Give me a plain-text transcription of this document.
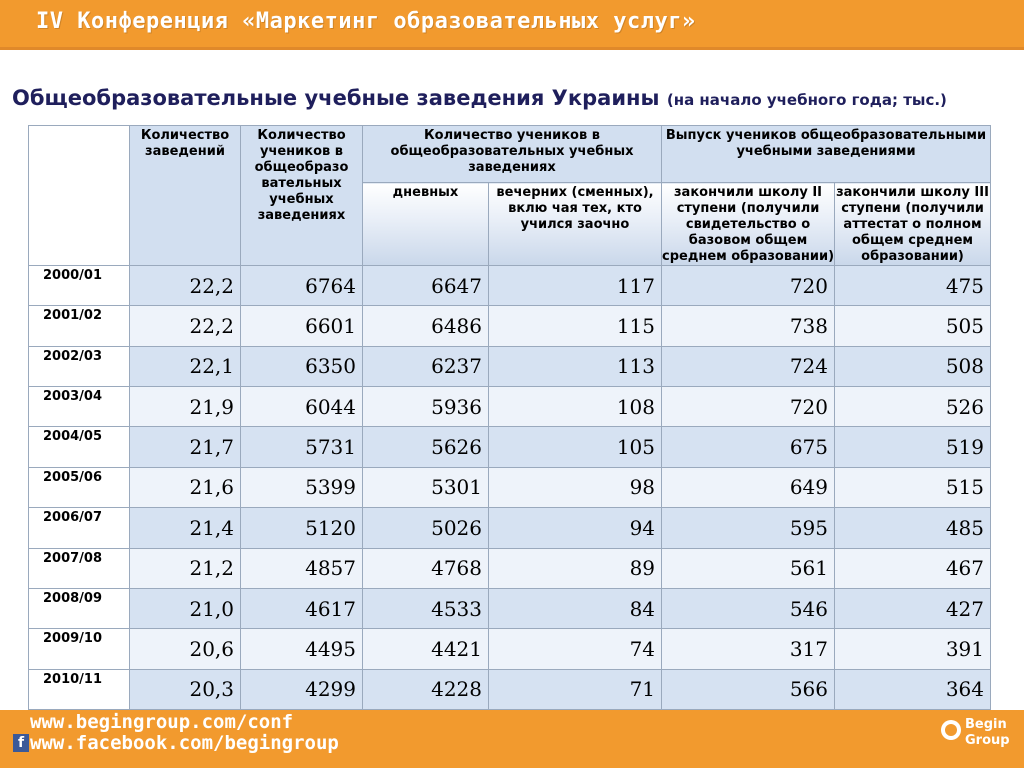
IV Конференция «Маркетинг образовательных услуг»
Общеобразовательные учебные заведения Украины (на начало учебного года; тыс.)
	Количество заведений	Количество учеников в общеобразо вательных учебных заведениях	Количество учеников в общеобразовательных учебных заведениях		Выпуск учеников общеобразовательными учебными заведениями	
			дневных	вечерних (сменных), вклю чая тех, кто учился заочно	закончили школу II ступени (получили свидетельство о базовом общем среднем образовании)	закончили школу III ступени (получили аттестат о полном общем среднем образовании)
2000/01	22,2	6764	6647	117	720	475
2001/02	22,2	6601	6486	115	738	505
2002/03	22,1	6350	6237	113	724	508
2003/04	21,9	6044	5936	108	720	526
2004/05	21,7	5731	5626	105	675	519
2005/06	21,6	5399	5301	98	649	515
2006/07	21,4	5120	5026	94	595	485
2007/08	21,2	4857	4768	89	561	467
2008/09	21,0	4617	4533	84	546	427
2009/10	20,6	4495	4421	74	317	391
2010/11	20,3	4299	4228	71	566	364
www.begingroup.com/conf
f www.facebook.com/begingroup
Begin
Group
